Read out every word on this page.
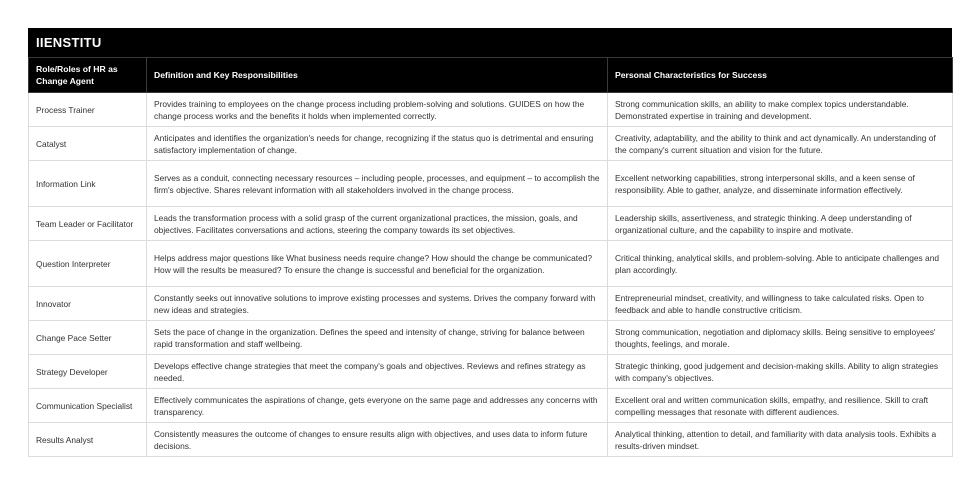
IIENSTITU
Role/Roles of HR as Change Agent	Definition and Key Responsibilities	Personal Characteristics for Success
Process Trainer	Provides training to employees on the change process including problem-solving and solutions. GUIDES on how the change process works and the benefits it holds when implemented correctly.	Strong communication skills, an ability to make complex topics understandable. Demonstrated expertise in training and development.
Catalyst	Anticipates and identifies the organization's needs for change, recognizing if the status quo is detrimental and ensuring satisfactory implementation of change.	Creativity, adaptability, and the ability to think and act dynamically. An understanding of the company's current situation and vision for the future.
Information Link	Serves as a conduit, connecting necessary resources – including people, processes, and equipment – to accomplish the firm's objective. Shares relevant information with all stakeholders involved in the change process.	Excellent networking capabilities, strong interpersonal skills, and a keen sense of responsibility. Able to gather, analyze, and disseminate information effectively.
Team Leader or Facilitator	Leads the transformation process with a solid grasp of the current organizational practices, the mission, goals, and objectives. Facilitates conversations and actions, steering the company towards its set objectives.	Leadership skills, assertiveness, and strategic thinking. A deep understanding of organizational culture, and the capability to inspire and motivate.
Question Interpreter	Helps address major questions like What business needs require change? How should the change be communicated? How will the results be measured? To ensure the change is successful and beneficial for the organization.	Critical thinking, analytical skills, and problem-solving. Able to anticipate challenges and plan accordingly.
Innovator	Constantly seeks out innovative solutions to improve existing processes and systems. Drives the company forward with new ideas and strategies.	Entrepreneurial mindset, creativity, and willingness to take calculated risks. Open to feedback and able to handle constructive criticism.
Change Pace Setter	Sets the pace of change in the organization. Defines the speed and intensity of change, striving for balance between rapid transformation and staff wellbeing.	Strong communication, negotiation and diplomacy skills. Being sensitive to employees' thoughts, feelings, and morale.
Strategy Developer	Develops effective change strategies that meet the company's goals and objectives. Reviews and refines strategy as needed.	Strategic thinking, good judgement and decision-making skills. Ability to align strategies with company's objectives.
Communication Specialist	Effectively communicates the aspirations of change, gets everyone on the same page and addresses any concerns with transparency.	Excellent oral and written communication skills, empathy, and resilience. Skill to craft compelling messages that resonate with different audiences.
Results Analyst	Consistently measures the outcome of changes to ensure results align with objectives, and uses data to inform future decisions.	Analytical thinking, attention to detail, and familiarity with data analysis tools. Exhibits a results-driven mindset.
